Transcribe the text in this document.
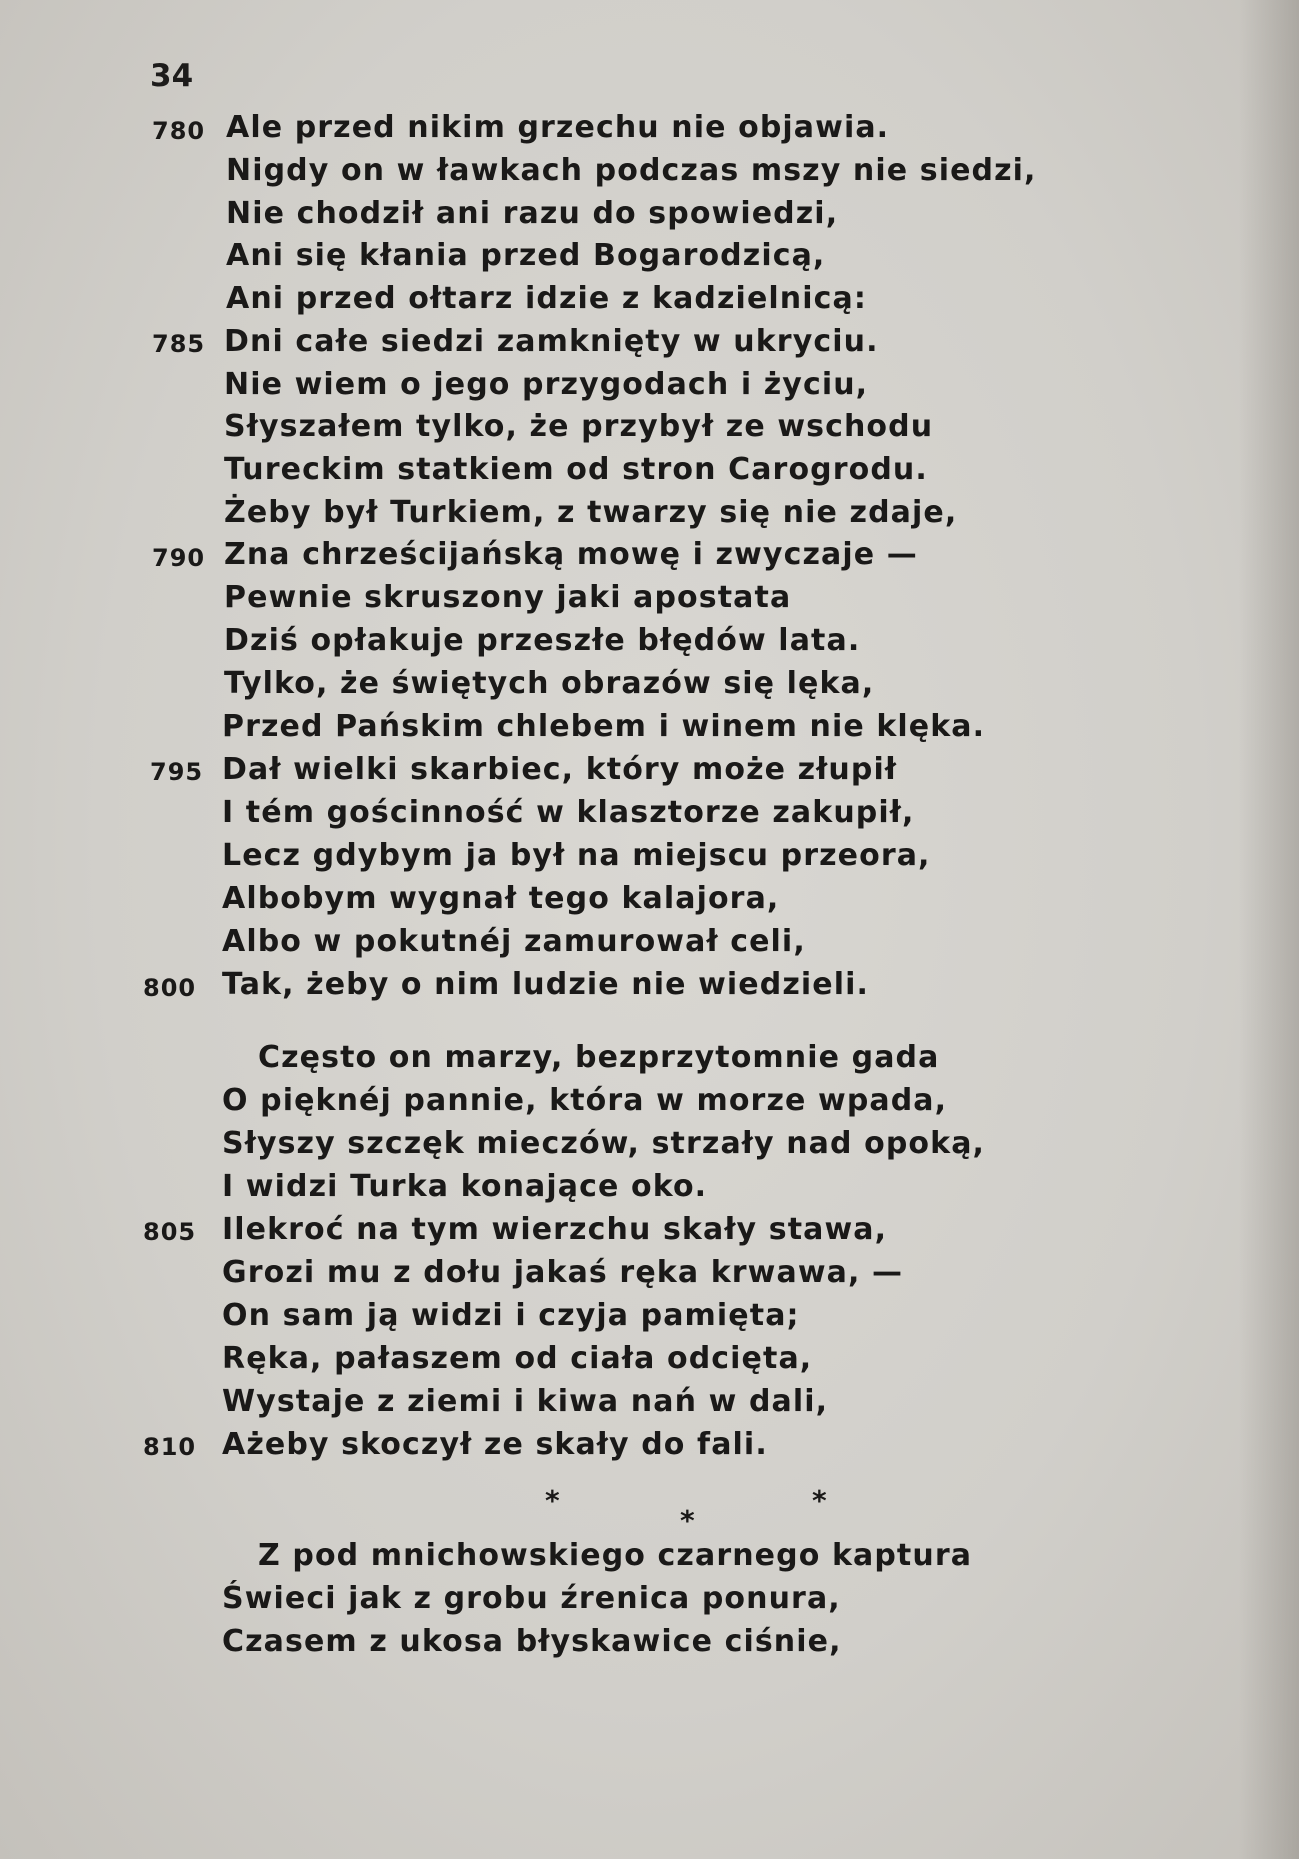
34
780
785
790
795
800
805
810
Ale przed nikim grzechu nie objawia.
Nigdy on w ławkach podczas mszy nie siedzi,
Nie chodził ani razu do spowiedzi,
Ani się kłania przed Bogarodzicą,
Ani przed ołtarz idzie z kadzielnicą:
Dni całe siedzi zamknięty w ukryciu.
Nie wiem o jego przygodach i życiu,
Słyszałem tylko, że przybył ze wschodu
Tureckim statkiem od stron Carogrodu.
Żeby był Turkiem, z twarzy się nie zdaje,
Zna chrześcijańską mowę i zwyczaje —
Pewnie skruszony jaki apostata
Dziś opłakuje przeszłe błędów lata.
Tylko, że świętych obrazów się lęka,
Przed Pańskim chlebem i winem nie klęka.
Dał wielki skarbiec, który może złupił
I tém gościnność w klasztorze zakupił,
Lecz gdybym ja był na miejscu przeora,
Albobym wygnał tego kalajora,
Albo w pokutnéj zamurował celi,
Tak, żeby o nim ludzie nie wiedzieli.
Często on marzy, bezprzytomnie gada
O pięknéj pannie, która w morze wpada,
Słyszy szczęk mieczów, strzały nad opoką,
I widzi Turka konające oko.
Ilekroć na tym wierzchu skały stawa,
Grozi mu z dołu jakaś ręka krwawa, —
On sam ją widzi i czyja pamięta;
Ręka, pałaszem od ciała odcięta,
Wystaje z ziemi i kiwa nań w dali,
Ażeby skoczył ze skały do fali.
*
*
*
Z pod mnichowskiego czarnego kaptura
Świeci jak z grobu źrenica ponura,
Czasem z ukosa błyskawice ciśnie,
